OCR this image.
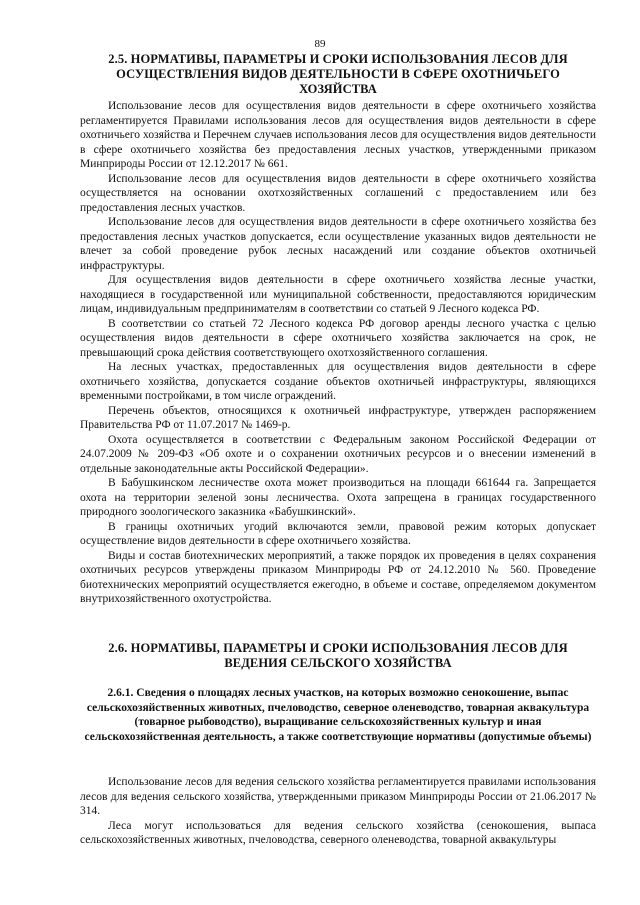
89
2.5. НОРМАТИВЫ, ПАРАМЕТРЫ И СРОКИ ИСПОЛЬЗОВАНИЯ ЛЕСОВ ДЛЯ ОСУЩЕСТВЛЕНИЯ ВИДОВ ДЕЯТЕЛЬНОСТИ В СФЕРЕ ОХОТНИЧЬЕГО ХОЗЯЙСТВА

Использование лесов для осуществления видов деятельности в сфере охотничьего хозяйства регламентируется Правилами использования лесов для осуществления видов деятельности в сфере охотничьего хозяйства и Перечнем случаев использования лесов для осуществления видов деятельности в сфере охотничьего хозяйства без предоставления лесных участков, утвержденными приказом Минприроды России от 12.12.2017 № 661.

Использование лесов для осуществления видов деятельности в сфере охотничьего хозяйства осуществляется на основании охотхозяйственных соглашений с предоставлением или без предоставления лесных участков.

Использование лесов для осуществления видов деятельности в сфере охотничьего хозяйства без предоставления лесных участков допускается, если осуществление указанных видов деятельности не влечет за собой проведение рубок лесных насаждений или создание объектов охотничьей инфраструктуры.

Для осуществления видов деятельности в сфере охотничьего хозяйства лесные участки, находящиеся в государственной или муниципальной собственности, предоставляются юридическим лицам, индивидуальным предпринимателям в соответствии со статьей 9 Лесного кодекса РФ.

В соответствии со статьей 72 Лесного кодекса РФ договор аренды лесного участка с целью осуществления видов деятельности в сфере охотничьего хозяйства заключается на срок, не превышающий срока действия соответствующего охотхозяйственного соглашения.

На лесных участках, предоставленных для осуществления видов деятельности в сфере охотничьего хозяйства, допускается создание объектов охотничьей инфраструктуры, являющихся временными постройками, в том числе ограждений.

Перечень объектов, относящихся к охотничьей инфраструктуре, утвержден распоряжением Правительства РФ от 11.07.2017 № 1469-р.

Охота осуществляется в соответствии с Федеральным законом Российской Федерации от 24.07.2009 № 209-ФЗ «Об охоте и о сохранении охотничьих ресурсов и о внесении изменений в отдельные законодательные акты Российской Федерации».

В Бабушкинском лесничестве охота может производиться на площади 661644 га. Запрещается охота на территории зеленой зоны лесничества. Охота запрещена в границах государственного природного зоологического заказника «Бабушкинский».

В границы охотничьих угодий включаются земли, правовой режим которых допускает осуществление видов деятельности в сфере охотничьего хозяйства.

Виды и состав биотехнических мероприятий, а также порядок их проведения в целях сохранения охотничьих ресурсов утверждены приказом Минприроды РФ от 24.12.2010 № 560. Проведение биотехнических мероприятий осуществляется ежегодно, в объеме и составе, определяемом документом внутрихозяйственного охотустройства.

2.6. НОРМАТИВЫ, ПАРАМЕТРЫ И СРОКИ ИСПОЛЬЗОВАНИЯ ЛЕСОВ ДЛЯ ВЕДЕНИЯ СЕЛЬСКОГО ХОЗЯЙСТВА
2.6.1. Сведения о площадях лесных участков, на которых возможно сенокошение, выпас сельскохозяйственных животных, пчеловодство, северное оленеводство, товарная аквакультура (товарное рыбоводство), выращивание сельскохозяйственных культур и иная сельскохозяйственная деятельность, а также соответствующие нормативы (допустимые объемы)

Использование лесов для ведения сельского хозяйства регламентируется правилами использования лесов для ведения сельского хозяйства, утвержденными приказом Минприроды России от 21.06.2017 № 314.

Леса могут использоваться для ведения сельского хозяйства (сенокошения, выпаса сельскохозяйственных животных, пчеловодства, северного оленеводства, товарной аквакультуры
